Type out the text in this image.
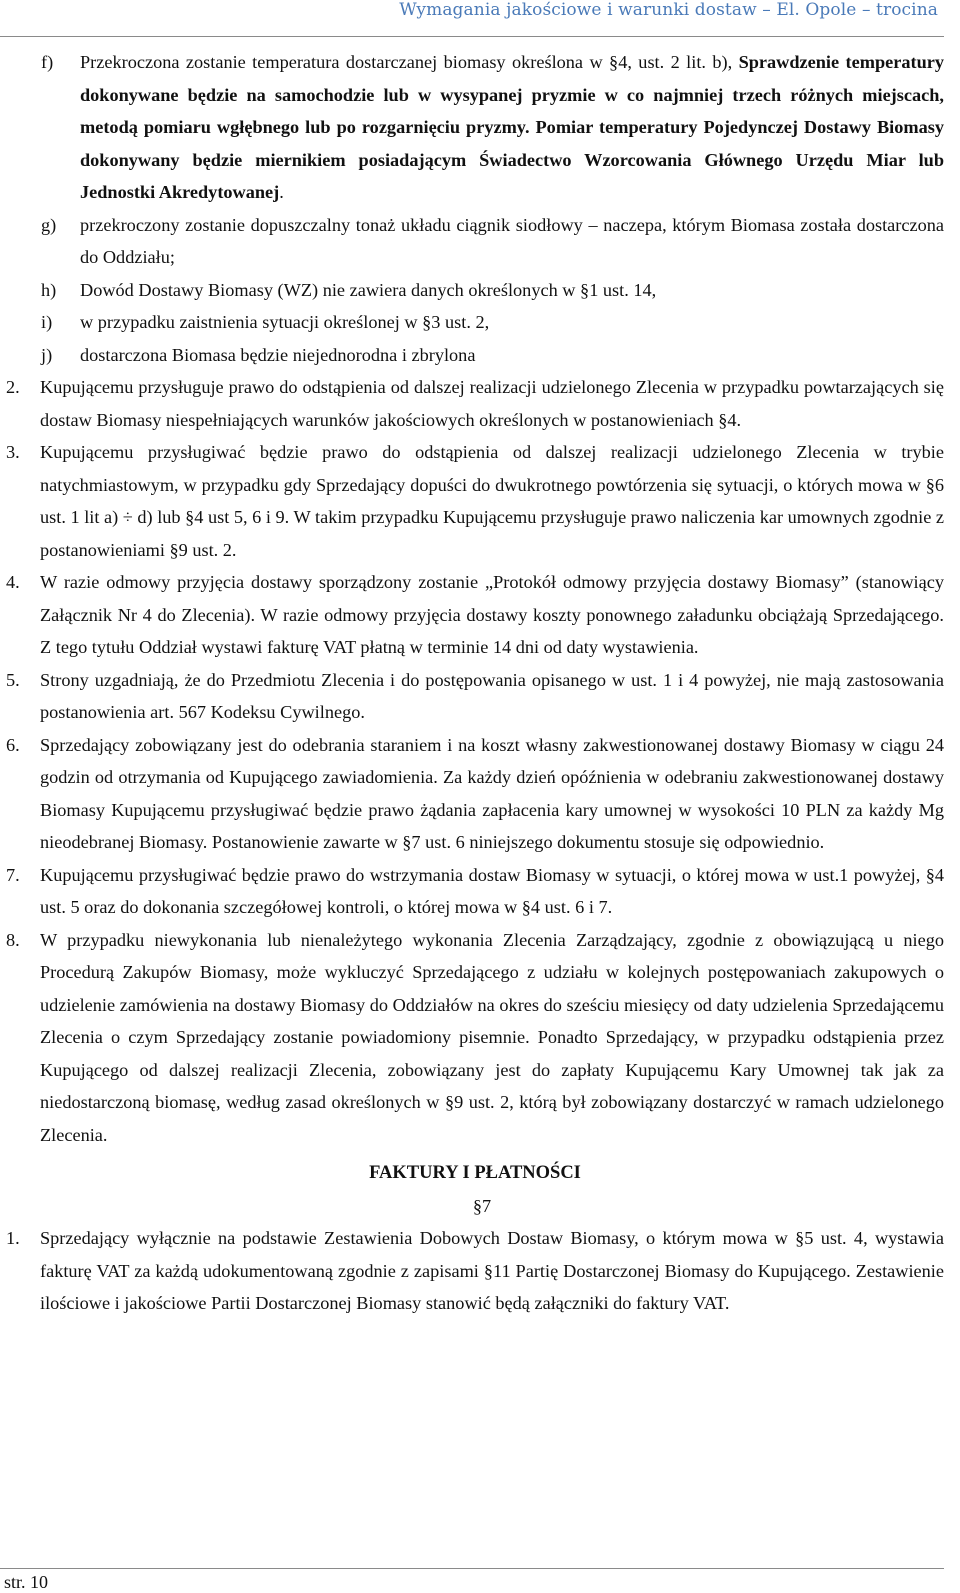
Wymagania jakościowe i warunki dostaw – El. Opole – trocina
f) Przekroczona zostanie temperatura dostarczanej biomasy określona w §4, ust. 2 lit. b), Sprawdzenie temperatury dokonywane będzie na samochodzie lub w wysypanej pryzmie w co najmniej trzech różnych miejscach, metodą pomiaru wgłębnego lub po rozgarnięciu pryzmy. Pomiar temperatury Pojedynczej Dostawy Biomasy dokonywany będzie miernikiem posiadającym Świadectwo Wzorcowania Głównego Urzędu Miar lub Jednostki Akredytowanej.
g) przekroczony zostanie dopuszczalny tonaż układu ciągnik siodłowy – naczepa, którym Biomasa została dostarczona do Oddziału;
h) Dowód Dostawy Biomasy (WZ) nie zawiera danych określonych w §1 ust. 14,
i) w przypadku zaistnienia sytuacji określonej w §3 ust. 2,
j) dostarczona Biomasa będzie niejednorodna i zbrylona
2. Kupującemu przysługuje prawo do odstąpienia od dalszej realizacji udzielonego Zlecenia w przypadku powtarzających się dostaw Biomasy niespełniających warunków jakościowych określonych w postanowieniach §4.
3. Kupującemu przysługiwać będzie prawo do odstąpienia od dalszej realizacji udzielonego Zlecenia w trybie natychmiastowym, w przypadku gdy Sprzedający dopuści do dwukrotnego powtórzenia się sytuacji, o których mowa w §6 ust. 1 lit a) ÷ d) lub §4 ust 5, 6 i 9. W takim przypadku Kupującemu przysługuje prawo naliczenia kar umownych zgodnie z postanowieniami §9 ust. 2.
4. W razie odmowy przyjęcia dostawy sporządzony zostanie „Protokół odmowy przyjęcia dostawy Biomasy” (stanowiący Załącznik Nr 4 do Zlecenia). W razie odmowy przyjęcia dostawy koszty ponownego załadunku obciążają Sprzedającego. Z tego tytułu Oddział wystawi fakturę VAT płatną w terminie 14 dni od daty wystawienia.
5. Strony uzgadniają, że do Przedmiotu Zlecenia i do postępowania opisanego w ust. 1 i 4 powyżej, nie mają zastosowania postanowienia art. 567 Kodeksu Cywilnego.
6. Sprzedający zobowiązany jest do odebrania staraniem i na koszt własny zakwestionowanej dostawy Biomasy w ciągu 24 godzin od otrzymania od Kupującego zawiadomienia. Za każdy dzień opóźnienia w odebraniu zakwestionowanej dostawy Biomasy Kupującemu przysługiwać będzie prawo żądania zapłacenia kary umownej w wysokości 10 PLN za każdy Mg nieodebranej Biomasy. Postanowienie zawarte w §7 ust. 6 niniejszego dokumentu stosuje się odpowiednio.
7. Kupującemu przysługiwać będzie prawo do wstrzymania dostaw Biomasy w sytuacji, o której mowa w ust.1 powyżej, §4 ust. 5 oraz do dokonania szczegółowej kontroli, o której mowa w §4 ust. 6 i 7.
8. W przypadku niewykonania lub nienależytego wykonania Zlecenia Zarządzający, zgodnie z obowiązującą u niego Procedurą Zakupów Biomasy, może wykluczyć Sprzedającego z udziału w kolejnych postępowaniach zakupowych o udzielenie zamówienia na dostawy Biomasy do Oddziałów na okres do sześciu miesięcy od daty udzielenia Sprzedającemu Zlecenia o czym Sprzedający zostanie powiadomiony pisemnie. Ponadto Sprzedający, w przypadku odstąpienia przez Kupującego od dalszej realizacji Zlecenia, zobowiązany jest do zapłaty Kupującemu Kary Umownej tak jak za niedostarczoną biomasę, według zasad określonych w §9 ust. 2, którą był zobowiązany dostarczyć w ramach udzielonego Zlecenia.
FAKTURY I PŁATNOŚCI
§7
1. Sprzedający wyłącznie na podstawie Zestawienia Dobowych Dostaw Biomasy, o którym mowa w §5 ust. 4, wystawia fakturę VAT za każdą udokumentowaną zgodnie z zapisami §11 Partię Dostarczonej Biomasy do Kupującego. Zestawienie ilościowe i jakościowe Partii Dostarczonej Biomasy stanowić będą załączniki do faktury VAT.
str. 10
